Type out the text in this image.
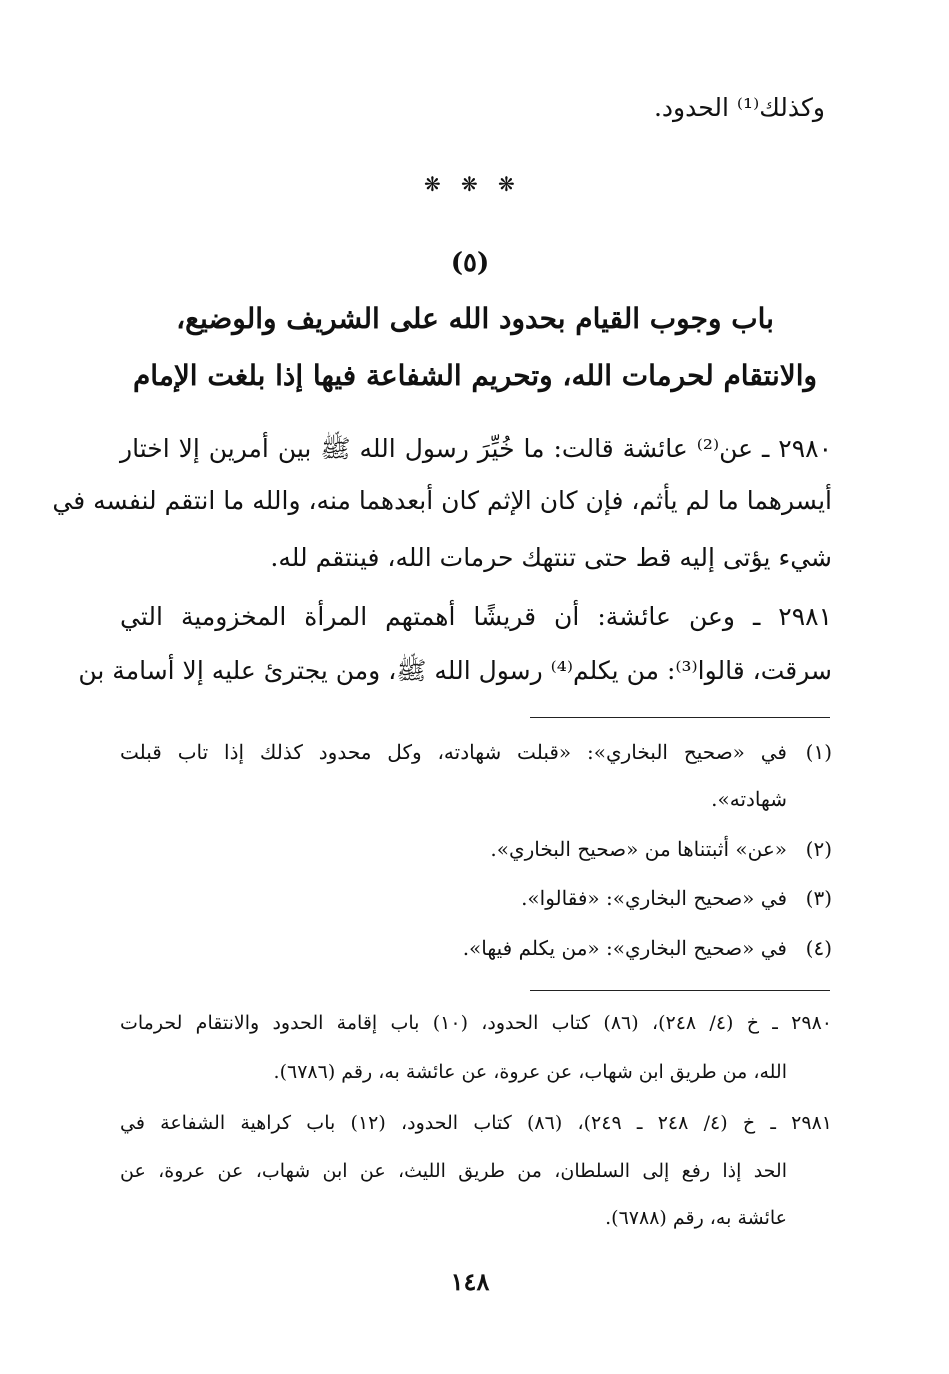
وكذلك⁽¹⁾ الحدود.
❋ ❋ ❋
(٥)
باب وجوب القيام بحدود الله على الشريف والوضيع،
والانتقام لحرمات الله، وتحريم الشفاعة فيها إذا بلغت الإمام
٢٩٨٠ ـ عن⁽²⁾ عائشة قالت: ما خُيِّرَ رسول الله ﷺ بين أمرين إلا اختار
أيسرهما ما لم يأثم، فإن كان الإثم كان أبعدهما منه، والله ما انتقم لنفسه في
شيء يؤتى إليه قط حتى تنتهك حرمات الله، فينتقم لله.
٢٩٨١ ـ وعن عائشة: أن قريشًا أهمتهم المرأة المخزومية التي
سرقت، قالوا⁽³⁾: من يكلم⁽⁴⁾ رسول الله ﷺ، ومن يجترئ عليه إلا أسامة بن
(١)
في «صحيح البخاري»: «قبلت شهادته، وكل محدود كذلك إذا تاب قبلت
شهادته».
(٢)
«عن» أثبتناها من «صحيح البخاري».
(٣)
في «صحيح البخاري»: «فقالوا».
(٤)
في «صحيح البخاري»: «من يكلم فيها».
٢٩٨٠ ـ خ (٤/ ٢٤٨)، (٨٦) كتاب الحدود، (١٠) باب إقامة الحدود والانتقام لحرمات
الله، من طريق ابن شهاب، عن عروة، عن عائشة به، رقم (٦٧٨٦).
٢٩٨١ ـ خ (٤/ ٢٤٨ ـ ٢٤٩)، (٨٦) كتاب الحدود، (١٢) باب كراهية الشفاعة في
الحد إذا رفع إلى السلطان، من طريق الليث، عن ابن شهاب، عن عروة، عن
عائشة به، رقم (٦٧٨٨).
١٤٨
